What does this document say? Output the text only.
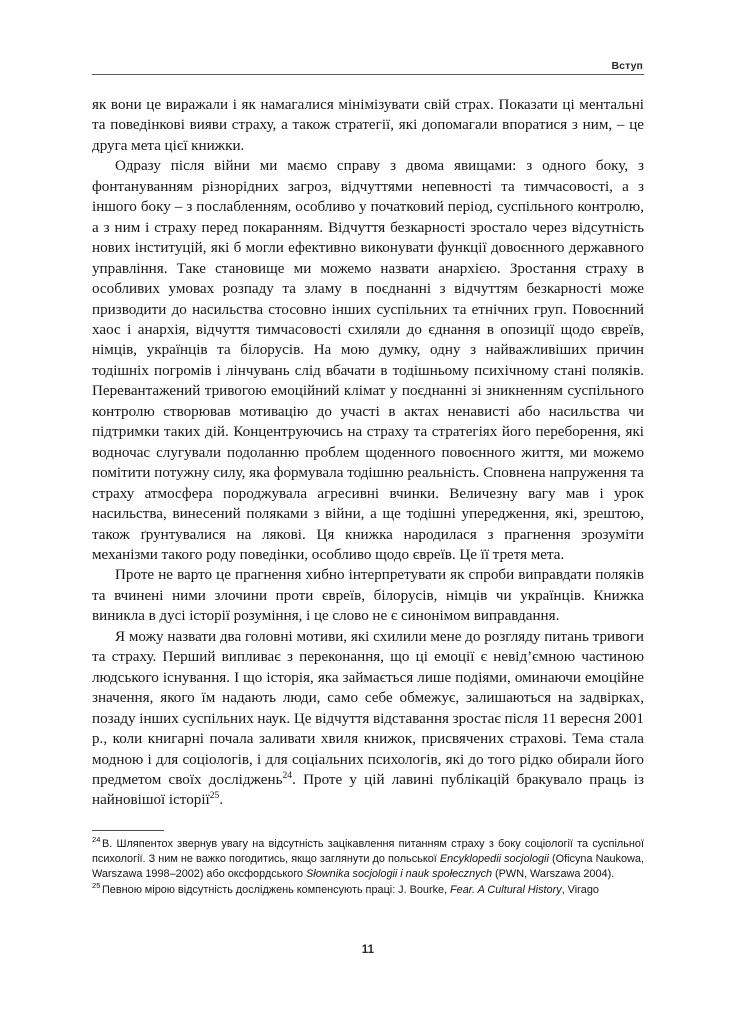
Вступ

як вони це виражали і як намагалися мінімізувати свій страх. Показати ці ментальні та поведінкові вияви страху, а також стратегії, які допомагали впоратися з ним, – це друга мета цієї книжки.

Одразу після війни ми маємо справу з двома явищами: з одного боку, з фонтануванням різнорідних загроз, відчуттями непевності та тимчасовості, а з іншого боку – з послабленням, особливо у початковий період, суспільного контролю, а з ним і страху перед покаранням. Відчуття безкарності зростало через відсутність нових інституцій, які б могли ефективно виконувати функції довоєнного державного управління. Таке становище ми можемо назвати анархією. Зростання страху в особливих умовах розпаду та зламу в поєднанні з відчуттям безкарності може призводити до насильства стосовно інших суспільних та етнічних груп. Повоєнний хаос і анархія, відчуття тимчасовості схиляли до єднання в опозиції щодо євреїв, німців, українців та білорусів. На мою думку, одну з найважливіших причин тодішніх погромів і лінчувань слід вбачати в тодішньому психічному стані поляків. Перевантажений тривогою емоційний клімат у поєднанні зі зникненням суспільного контролю створював мотивацію до участі в актах ненависті або насильства чи підтримки таких дій. Концентруючись на страху та стратегіях його переборення, які водночас слугували подоланню проблем щоденного повоєнного життя, ми можемо помітити потужну силу, яка формувала тодішню реальність. Сповнена напруження та страху атмосфера породжувала агресивні вчинки. Величезну вагу мав і урок насильства, винесений поляками з війни, а ще тодішні упередження, які, зрештою, також ґрунтувалися на лякові. Ця книжка народилася з прагнення зрозуміти механізми такого роду поведінки, особливо щодо євреїв. Це її третя мета.

Проте не варто це прагнення хибно інтерпретувати як спроби виправдати поляків та вчинені ними злочини проти євреїв, білорусів, німців чи українців. Книжка виникла в дусі історії розуміння, і це слово не є синонімом виправдання.

Я можу назвати два головні мотиви, які схилили мене до розгляду питань тривоги та страху. Перший випливає з переконання, що ці емоції є невід’ємною частиною людського існування. І що історія, яка займається лише подіями, оминаючи емоційне значення, якого їм надають люди, само себе обмежує, залишаються на задвірках, позаду інших суспільних наук. Це відчуття відставання зростає після 11 вересня 2001 р., коли книгарні почала заливати хвиля книжок, присвячених страхові. Тема стала модною і для соціологів, і для соціальних психологів, які до того рідко обирали його предметом своїх досліджень$^{24}$. Проте у цій лавині публікацій бракувало праць із найновішої історії$^{25}$.

$^{24}$ В. Шляпентох звернув увагу на відсутність зацікавлення питанням страху з боку соціології та суспільної психології. З ним не важко погодитись, якщо заглянути до польської Encyklopedii socjologii (Oficyna Naukowa, Warszawa 1998–2002) або оксфордського Słownika socjologii i nauk społecznych (PWN, Warszawa 2004).

$^{25}$ Певною мірою відсутність досліджень компенсують праці: J. Bourke, Fear. A Cultural History, Virago

11
